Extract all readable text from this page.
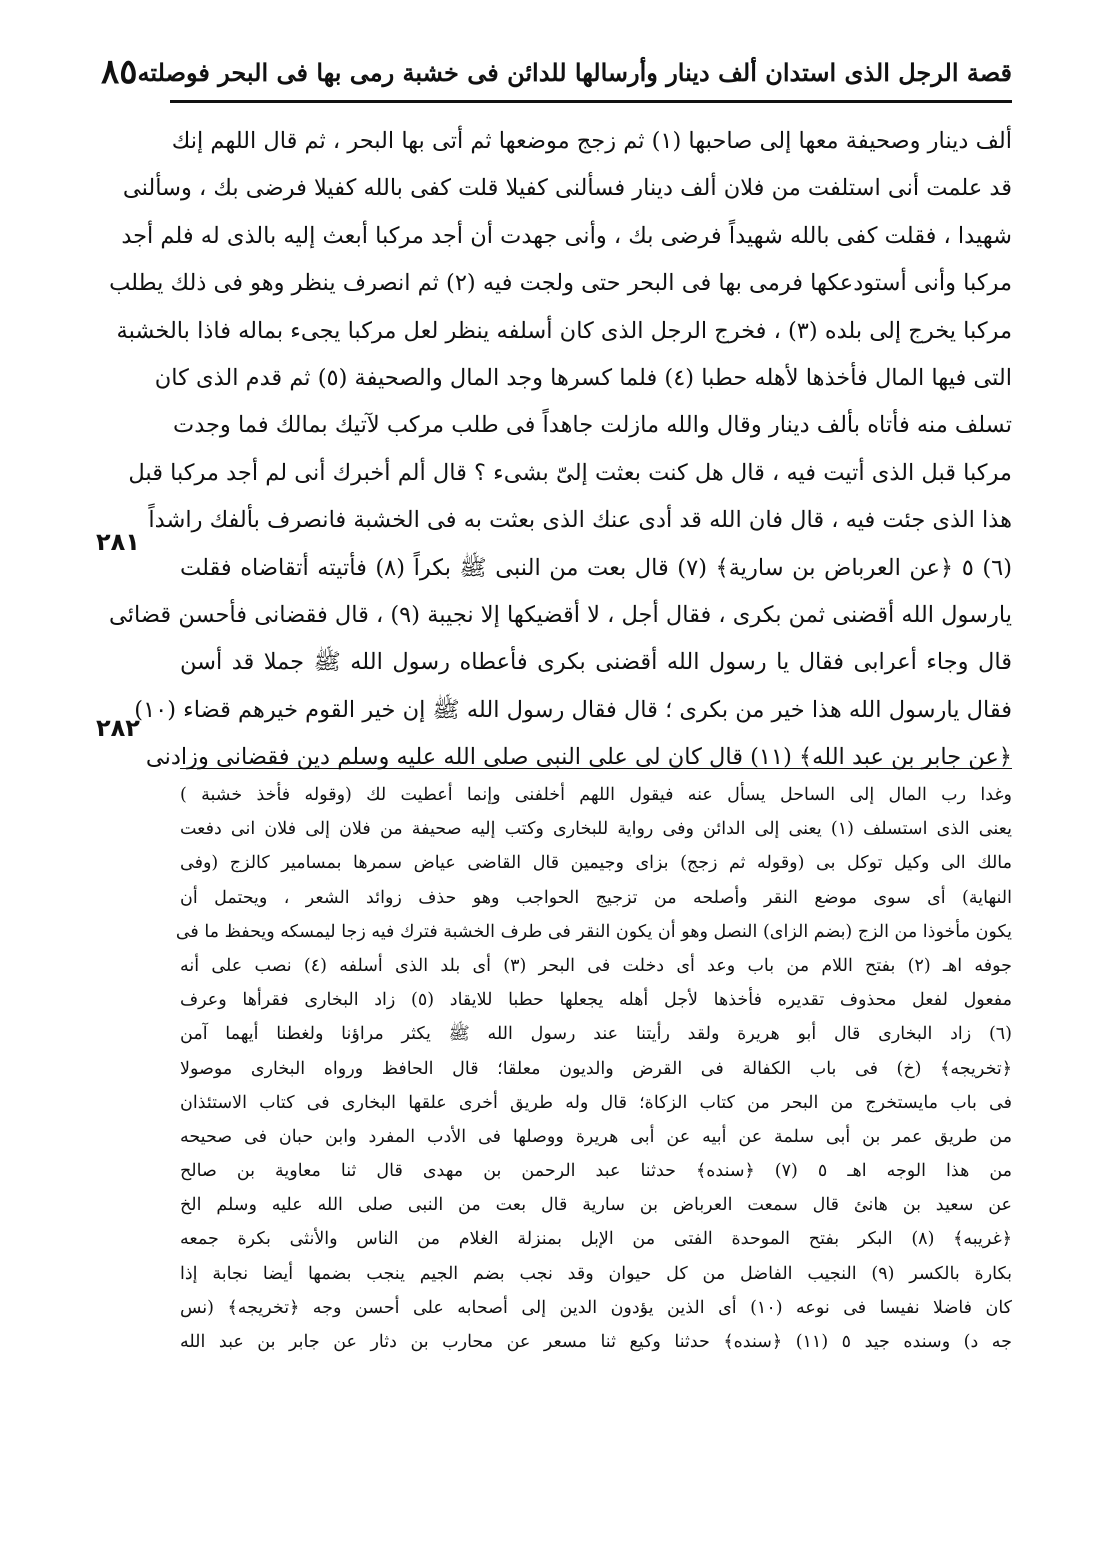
قصة الرجل الذى استدان ألف دينار وأرسالها للدائن فى خشبة رمى بها فى البحر فوصلته
٨٥
ألف دينار وصحيفة معها إلى صاحبها (١) ثم زجج موضعها ثم أتى بها البحر ، ثم قال اللهم إنك
قد علمت أنى استلفت من فلان ألف دينار فسألنى كفيلا قلت كفى بالله كفيلا فرضى بك ، وسألنى
شهيدا ، فقلت كفى بالله شهيداً فرضى بك ، وأنى جهدت أن أجد مركبا أبعث إليه بالذى له فلم أجد
مركبا وأنى أستودعكها فرمى بها فى البحر حتى ولجت فيه (٢) ثم انصرف ينظر وهو فى ذلك يطلب
مركبا يخرج إلى بلده (٣) ، فخرج الرجل الذى كان أسلفه ينظر لعل مركبا يجىء بماله فاذا بالخشبة
التى فيها المال فأخذها لأهله حطبا (٤) فلما كسرها وجد المال والصحيفة (٥) ثم قدم الذى كان
تسلف منه فأتاه بألف دينار وقال والله مازلت جاهداً فى طلب مركب لآتيك بمالك فما وجدت
مركبا قبل الذى أتيت فيه ، قال هل كنت بعثت إلىّ بشىء ؟ قال ألم أخبرك أنى لم أجد مركبا قبل
هذا الذى جئت فيه ، قال فان الله قد أدى عنك الذى بعثت به فى الخشبة فانصرف بألفك راشداً
(٦) ٥ ﴿عن العرباض بن سارية﴾ (٧) قال بعت من النبى ﷺ بكراً (٨) فأتيته أتقاضاه فقلت
يارسول الله أقضنى ثمن بكرى ، فقال أجل ، لا أقضيكها إلا نجيبة (٩) ، قال فقضانى فأحسن قضائى
قال وجاء أعرابى فقال يا رسول الله أقضنى بكرى فأعطاه رسول الله ﷺ جملا قد أسن
فقال يارسول الله هذا خير من بكرى ؛ قال فقال رسول الله ﷺ إن خير القوم خيرهم قضاء (١٠)
﴿عن جابر بن عبد الله﴾ (١١) قال كان لى على النبى صلى الله عليه وسلم دين فقضانى وزادنى
٢٨١
٢٨٢
وغدا رب المال إلى الساحل يسأل عنه فيقول اللهم أخلفنى وإنما أعطيت لك (وقوله فأخذ خشبة )
يعنى الذى استسلف (١) يعنى إلى الدائن وفى رواية للبخارى وكتب إليه صحيفة من فلان إلى فلان انى دفعت
مالك الى وكيل توكل بى (وقوله ثم زجج) بزاى وجيمين قال القاضى عياض سمرها بمسامير كالزج (وفى
النهاية) أى سوى موضع النقر وأصلحه من تزجيج الحواجب وهو حذف زوائد الشعر ، ويحتمل أن
يكون مأخوذا من الزج (بضم الزاى) النصل وهو أن يكون النقر فى طرف الخشبة فترك فيه زجا ليمسكه ويحفظ ما فى
جوفه اهـ (٢) بفتح اللام من باب وعد أى دخلت فى البحر (٣) أى بلد الذى أسلفه (٤) نصب على أنه
مفعول لفعل محذوف تقديره فأخذها لأجل أهله يجعلها حطبا للايقاد (٥) زاد البخارى فقرأها وعرف
(٦) زاد البخارى قال أبو هريرة ولقد رأيتنا عند رسول الله ﷺ يكثر مراؤنا ولغطنا أيهما آمن
﴿تخريجه﴾ (خ) فى باب الكفالة فى القرض والديون معلقا؛ قال الحافظ ورواه البخارى موصولا
فى باب مايستخرج من البحر من كتاب الزكاة؛ قال وله طريق أخرى علقها البخارى فى كتاب الاستئذان
من طريق عمر بن أبى سلمة عن أبيه عن أبى هريرة ووصلها فى الأدب المفرد وابن حبان فى صحيحه
من هذا الوجه اهـ ٥ (٧) ﴿سنده﴾ حدثنا عبد الرحمن بن مهدى قال ثنا معاوية بن صالح
عن سعيد بن هانئ قال سمعت العرباض بن سارية قال بعت من النبى صلى الله عليه وسلم الخ
﴿غريبه﴾ (٨) البكر بفتح الموحدة الفتى من الإبل بمنزلة الغلام من الناس والأنثى بكرة جمعه
بكارة بالكسر (٩) النجيب الفاضل من كل حيوان وقد نجب بضم الجيم ينجب بضمها أيضا نجابة إذا
كان فاضلا نفيسا فى نوعه (١٠) أى الذين يؤدون الدين إلى أصحابه على أحسن وجه ﴿تخريجه﴾ (نس
جه د) وسنده جيد ٥ (١١) ﴿سنده﴾ حدثنا وكيع ثنا مسعر عن محارب بن دثار عن جابر بن عبد الله
